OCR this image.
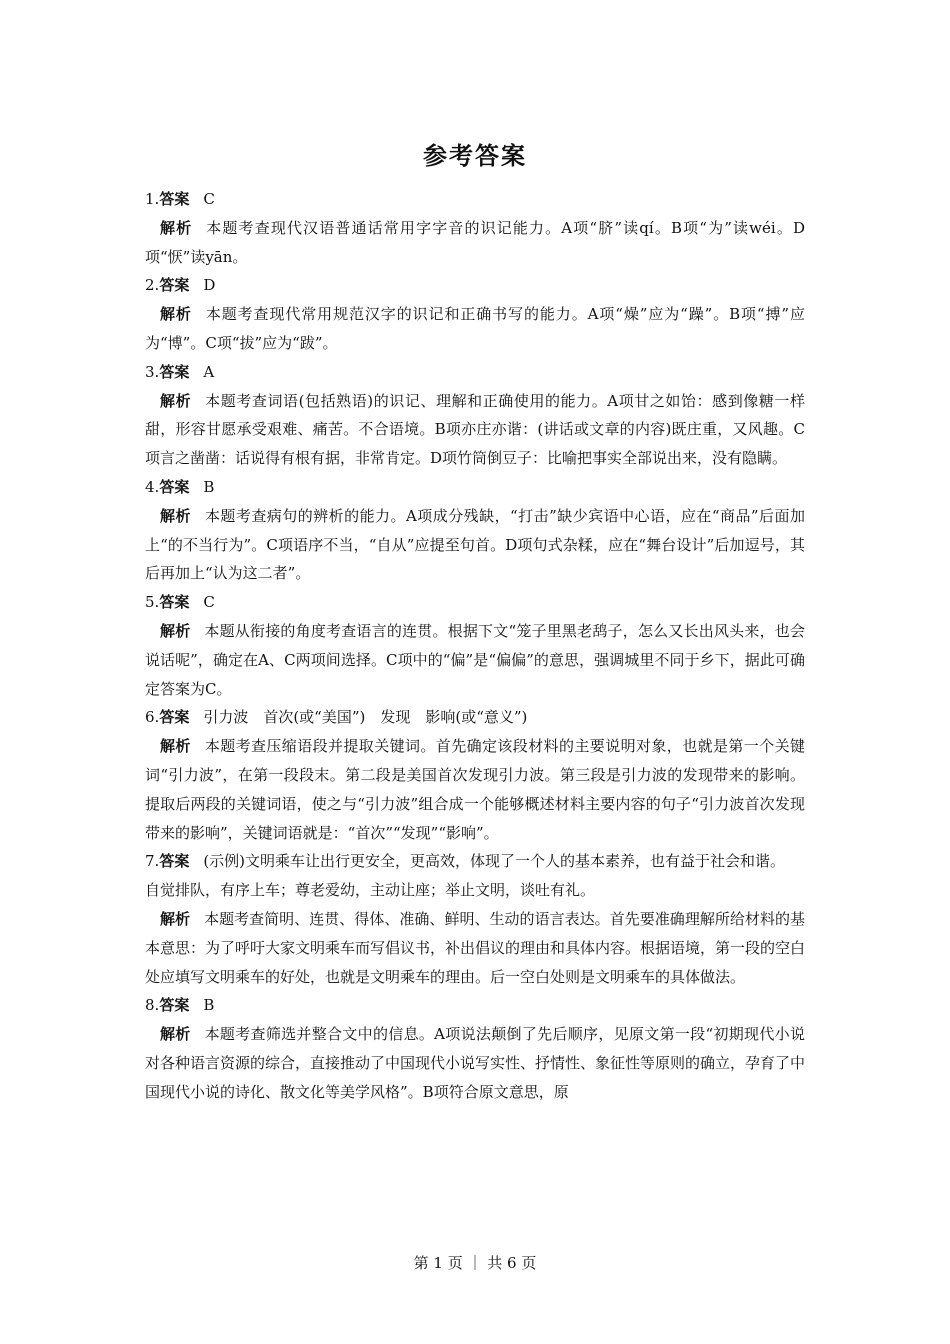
参考答案

1.答案 C

解析 本题考查现代汉语普通话常用字字音的识记能力。A项“脐”读qí。B项“为”读wéi。D项“恹”读yān。

2.答案 D

解析 本题考查现代常用规范汉字的识记和正确书写的能力。A项“燥”应为“躁”。B项“搏”应为“博”。C项“拔”应为“跋”。

3.答案 A

解析 本题考查词语(包括熟语)的识记、理解和正确使用的能力。A项甘之如饴：感到像糖一样甜，形容甘愿承受艰难、痛苦。不合语境。B项亦庄亦谐：(讲话或文章的内容)既庄重，又风趣。C项言之凿凿：话说得有根有据，非常肯定。D项竹筒倒豆子：比喻把事实全部说出来，没有隐瞒。

4.答案 B

解析 本题考查病句的辨析的能力。A项成分残缺，“打击”缺少宾语中心语，应在“商品”后面加上“的不当行为”。C项语序不当，“自从”应提至句首。D项句式杂糅，应在“舞台设计”后加逗号，其后再加上“认为这二者”。

5.答案 C

解析 本题从衔接的角度考查语言的连贯。根据下文“笼子里黑老鸹子，怎么又长出风头来，也会说话呢”，确定在A、C两项间选择。C项中的“偏”是“偏偏”的意思，强调城里不同于乡下，据此可确定答案为C。

6.答案 引力波　首次(或“美国”)　发现　影响(或“意义”)

解析 本题考查压缩语段并提取关键词。首先确定该段材料的主要说明对象，也就是第一个关键词“引力波”，在第一段段末。第二段是美国首次发现引力波。第三段是引力波的发现带来的影响。提取后两段的关键词语，使之与“引力波”组合成一个能够概述材料主要内容的句子“引力波首次发现带来的影响”，关键词语就是：“首次”“发现”“影响”。

7.答案 (示例)文明乘车让出行更安全，更高效，体现了一个人的基本素养，也有益于社会和谐。

自觉排队，有序上车；尊老爱幼，主动让座；举止文明，谈吐有礼。

解析 本题考查简明、连贯、得体、准确、鲜明、生动的语言表达。首先要准确理解所给材料的基本意思：为了呼吁大家文明乘车而写倡议书，补出倡议的理由和具体内容。根据语境，第一段的空白处应填写文明乘车的好处，也就是文明乘车的理由。后一空白处则是文明乘车的具体做法。

8.答案 B

解析 本题考查筛选并整合文中的信息。A项说法颠倒了先后顺序，见原文第一段“初期现代小说对各种语言资源的综合，直接推动了中国现代小说写实性、抒情性、象征性等原则的确立，孕育了中国现代小说的诗化、散文化等美学风格”。B项符合原文意思，原

第 1 页 ｜ 共 6 页
